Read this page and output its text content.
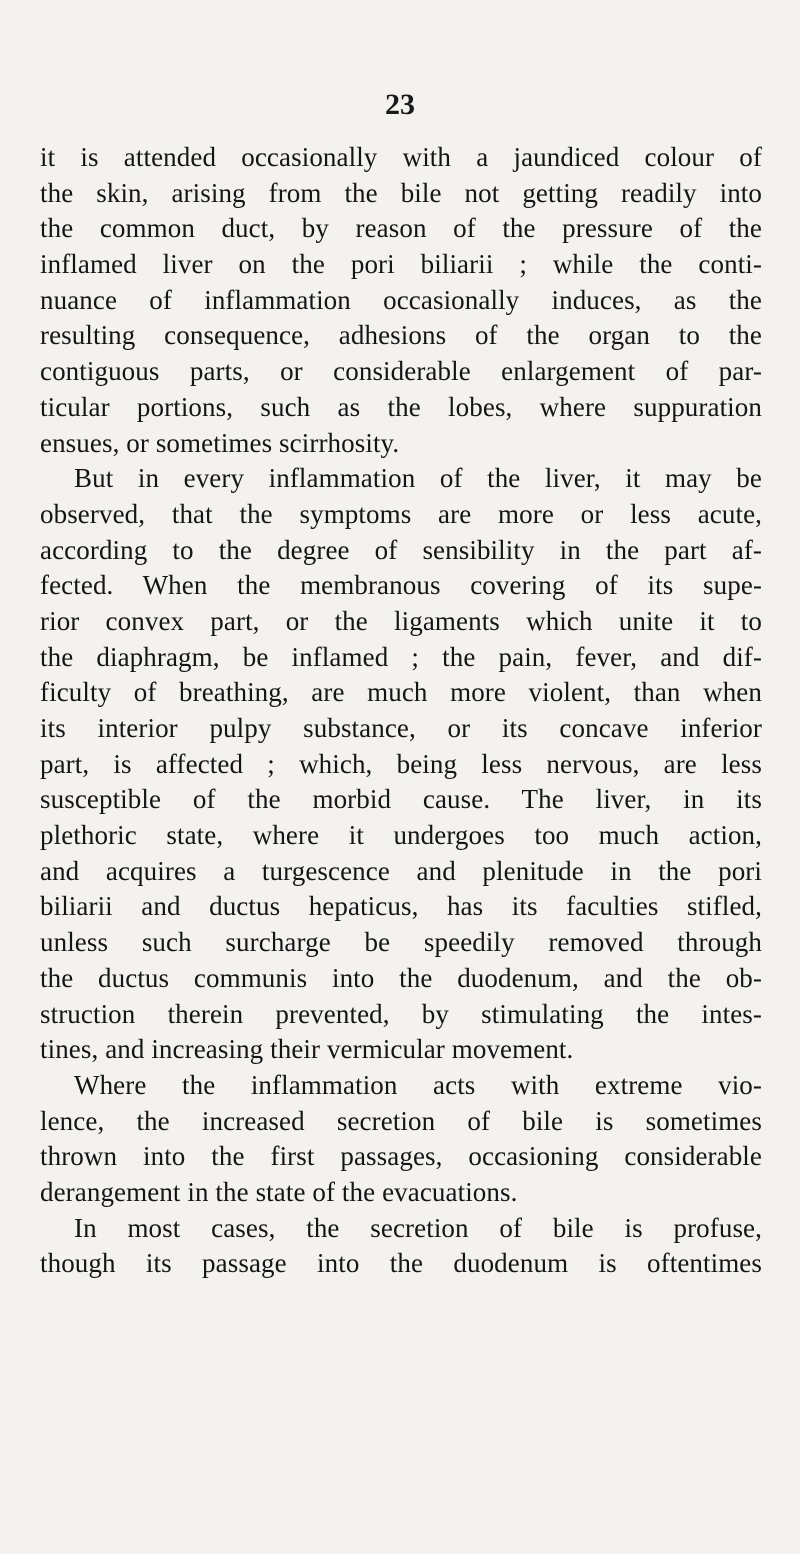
23
it is attended occasionally with a jaundiced colour of
the skin, arising from the bile not getting readily into
the common duct, by reason of the pressure of the
inflamed liver on the pori biliarii ; while the conti-
nuance of inflammation occasionally induces, as the
resulting consequence, adhesions of the organ to the
contiguous parts, or considerable enlargement of par-
ticular portions, such as the lobes, where suppuration
ensues, or sometimes scirrhosity.
But in every inflammation of the liver, it may be
observed, that the symptoms are more or less acute,
according to the degree of sensibility in the part af-
fected. When the membranous covering of its supe-
rior convex part, or the ligaments which unite it to
the diaphragm, be inflamed ; the pain, fever, and dif-
ficulty of breathing, are much more violent, than when
its interior pulpy substance, or its concave inferior
part, is affected ; which, being less nervous, are less
susceptible of the morbid cause. The liver, in its
plethoric state, where it undergoes too much action,
and acquires a turgescence and plenitude in the pori
biliarii and ductus hepaticus, has its faculties stifled,
unless such surcharge be speedily removed through
the ductus communis into the duodenum, and the ob-
struction therein prevented, by stimulating the intes-
tines, and increasing their vermicular movement.
Where the inflammation acts with extreme vio-
lence, the increased secretion of bile is sometimes
thrown into the first passages, occasioning considerable
derangement in the state of the evacuations.
In most cases, the secretion of bile is profuse,
though its passage into the duodenum is oftentimes
